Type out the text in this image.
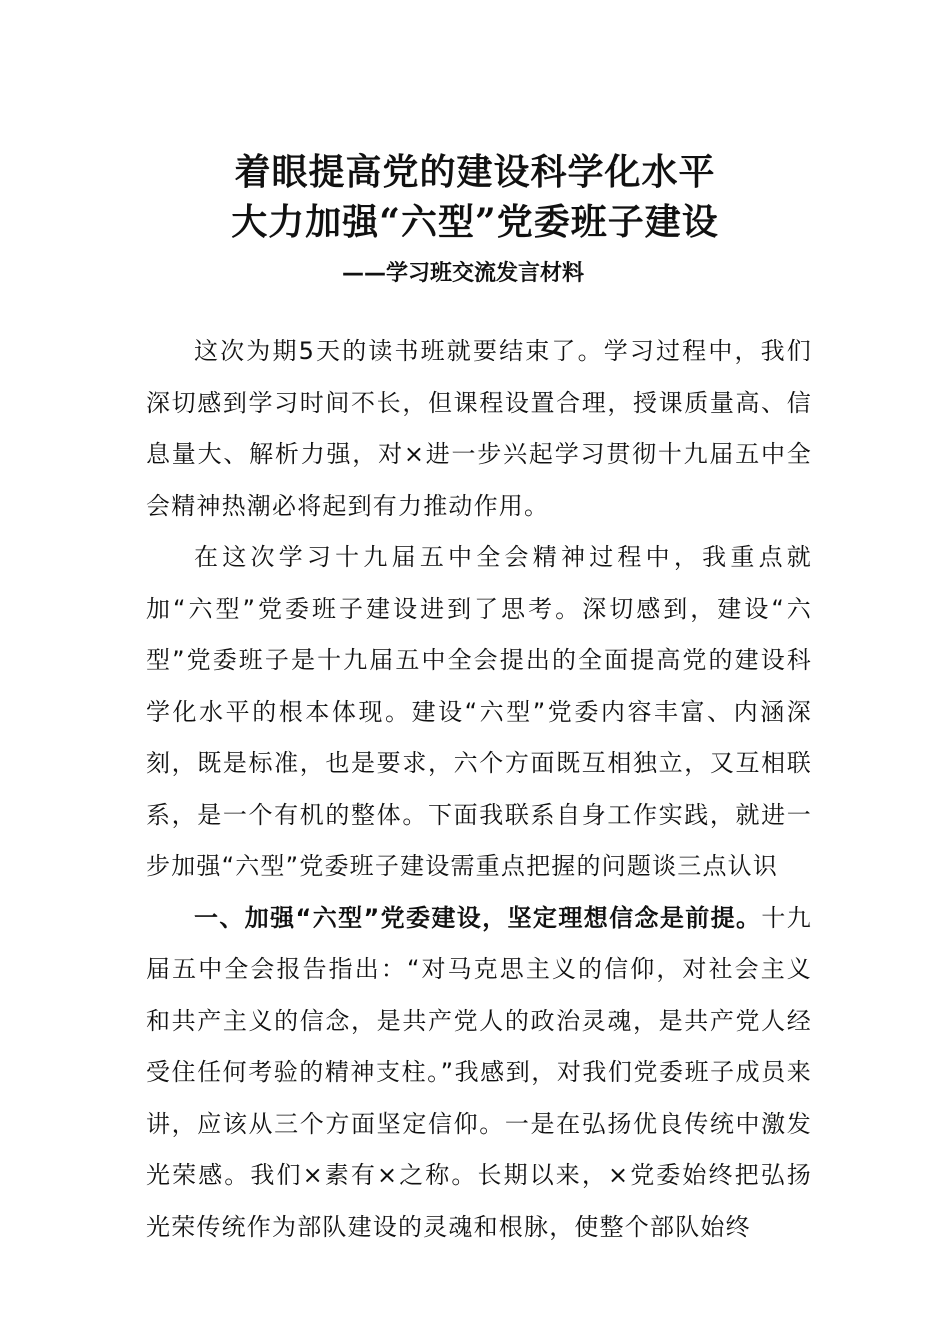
着眼提高党的建设科学化水平
大力加强“六型”党委班子建设

——学习班交流发言材料

这次为期5天的读书班就要结束了。学习过程中，我们深切感到学习时间不长，但课程设置合理，授课质量高、信息量大、解析力强，对×进一步兴起学习贯彻十九届五中全会精神热潮必将起到有力推动作用。

在这次学习十九届五中全会精神过程中，我重点就加“六型”党委班子建设进到了思考。深切感到，建设“六型”党委班子是十九届五中全会提出的全面提高党的建设科学化水平的根本体现。建设“六型”党委内容丰富、内涵深刻，既是标准，也是要求，六个方面既互相独立，又互相联系，是一个有机的整体。下面我联系自身工作实践，就进一步加强“六型”党委班子建设需重点把握的问题谈三点认识

一、加强“六型”党委建设，坚定理想信念是前提。十九届五中全会报告指出：“对马克思主义的信仰，对社会主义和共产主义的信念，是共产党人的政治灵魂，是共产党人经受住任何考验的精神支柱。”我感到，对我们党委班子成员来讲，应该从三个方面坚定信仰。一是在弘扬优良传统中激发光荣感。我们×素有×之称。长期以来，×党委始终把弘扬光荣传统作为部队建设的灵魂和根脉，使整个部队始终
